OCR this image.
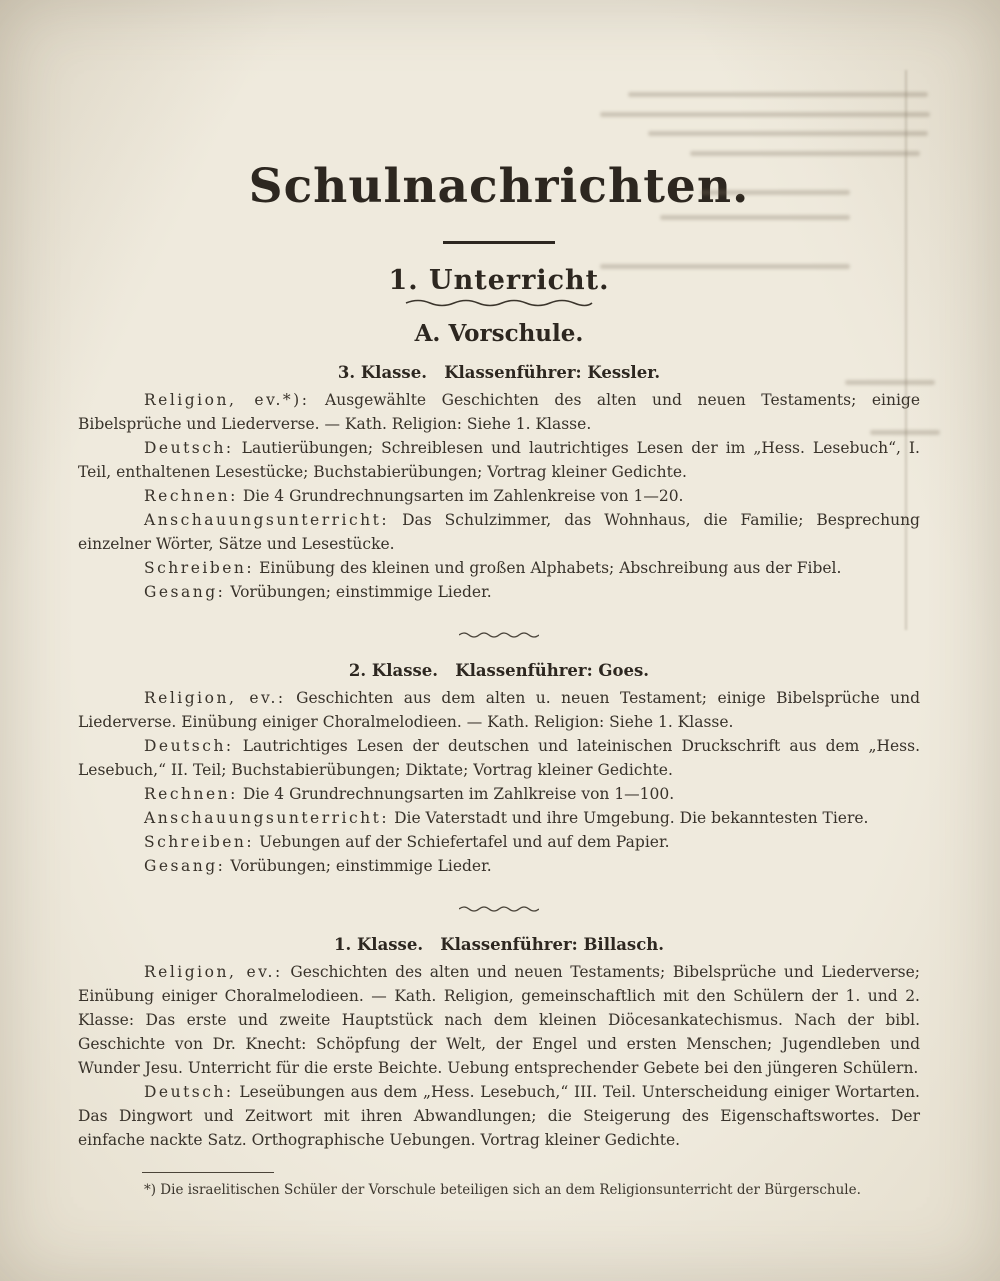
Schulnachrichten.
1. Unterricht.
A. Vorschule.
3. Klasse.   Klassenführer: Kessler.

Religion, ev.*): Ausgewählte Geschichten des alten und neuen Testaments; einige Bibelsprüche und Liederverse. — Kath. Religion: Siehe 1. Klasse.

Deutsch: Lautierübungen; Schreiblesen und lautrichtiges Lesen der im „Hess. Lesebuch“, I. Teil, enthaltenen Lesestücke; Buchstabierübungen; Vortrag kleiner Gedichte.

Rechnen: Die 4 Grundrechnungsarten im Zahlenkreise von 1—20.

Anschauungsunterricht: Das Schulzimmer, das Wohnhaus, die Familie; Besprechung einzelner Wörter, Sätze und Lesestücke.

Schreiben: Einübung des kleinen und großen Alphabets; Abschreibung aus der Fibel.

Gesang: Vorübungen; einstimmige Lieder.

2. Klasse.   Klassenführer: Goes.

Religion, ev.: Geschichten aus dem alten u. neuen Testament; einige Bibelsprüche und Liederverse. Einübung einiger Choralmelodieen. — Kath. Religion: Siehe 1. Klasse.

Deutsch: Lautrichtiges Lesen der deutschen und lateinischen Druckschrift aus dem „Hess. Lesebuch,“ II. Teil; Buchstabierübungen; Diktate; Vortrag kleiner Gedichte.

Rechnen: Die 4 Grundrechnungsarten im Zahlkreise von 1—100.

Anschauungsunterricht: Die Vaterstadt und ihre Umgebung. Die bekanntesten Tiere.

Schreiben: Uebungen auf der Schiefertafel und auf dem Papier.

Gesang: Vorübungen; einstimmige Lieder.

1. Klasse.   Klassenführer: Billasch.

Religion, ev.: Geschichten des alten und neuen Testaments; Bibelsprüche und Liederverse; Einübung einiger Choralmelodieen. — Kath. Religion, gemeinschaftlich mit den Schülern der 1. und 2. Klasse: Das erste und zweite Hauptstück nach dem kleinen Diöcesankatechismus. Nach der bibl. Geschichte von Dr. Knecht: Schöpfung der Welt, der Engel und ersten Menschen; Jugendleben und Wunder Jesu. Unterricht für die erste Beichte. Uebung entsprechender Gebete bei den jüngeren Schülern.

Deutsch: Leseübungen aus dem „Hess. Lesebuch,“ III. Teil. Unterscheidung einiger Wortarten. Das Dingwort und Zeitwort mit ihren Abwandlungen; die Steigerung des Eigenschaftswortes. Der einfache nackte Satz. Orthographische Uebungen. Vortrag kleiner Gedichte.

*) Die israelitischen Schüler der Vorschule beteiligen sich an dem Religionsunterricht der Bürgerschule.
